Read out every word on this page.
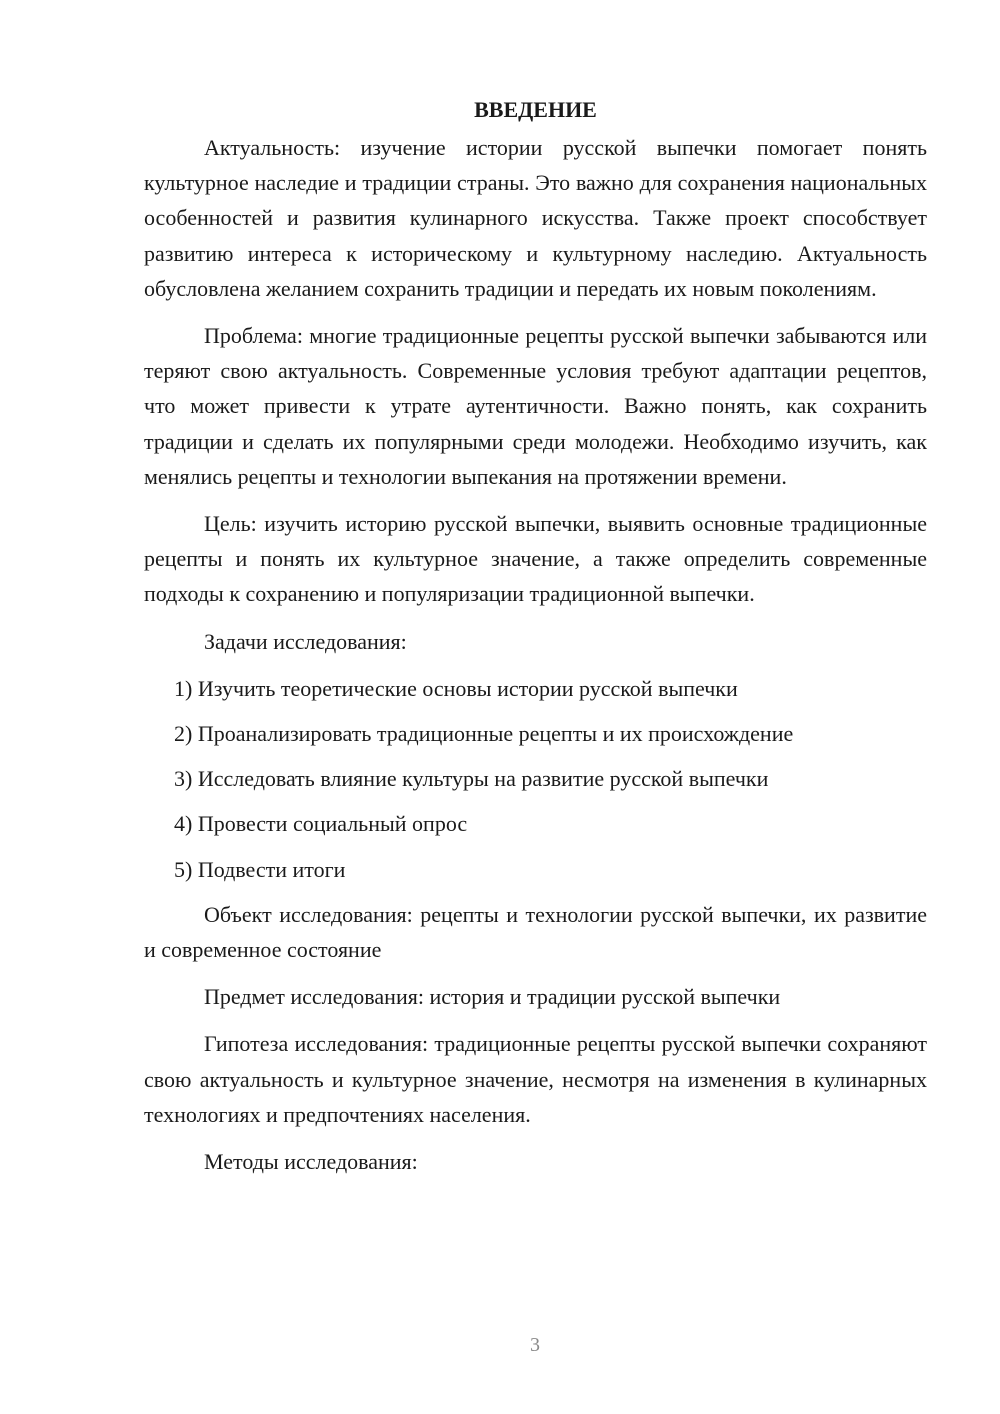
ВВЕДЕНИЕ

Актуальность: изучение истории русской выпечки помогает понять культурное наследие и традиции страны. Это важно для сохранения национальных особенностей и развития кулинарного искусства. Также проект способствует развитию интереса к историческому и культурному наследию. Актуальность обусловлена желанием сохранить традиции и передать их новым поколениям.

Проблема: многие традиционные рецепты русской выпечки забываются или теряют свою актуальность. Современные условия требуют адаптации рецептов, что может привести к утрате аутентичности. Важно понять, как сохранить традиции и сделать их популярными среди молодежи. Необходимо изучить, как менялись рецепты и технологии выпекания на протяжении времени.

Цель: изучить историю русской выпечки, выявить основные традиционные рецепты и понять их культурное значение, а также определить современные подходы к сохранению и популяризации традиционной выпечки.

Задачи исследования:

1) Изучить теоретические основы истории русской выпечки
2) Проанализировать традиционные рецепты и их происхождение
3) Исследовать влияние культуры на развитие русской выпечки
4) Провести социальный опрос
5) Подвести итоги

Объект исследования: рецепты и технологии русской выпечки, их развитие и современное состояние

Предмет исследования: история и традиции русской выпечки

Гипотеза исследования: традиционные рецепты русской выпечки сохраняют свою актуальность и культурное значение, несмотря на изменения в кулинарных технологиях и предпочтениях населения.

Методы исследования:

3
